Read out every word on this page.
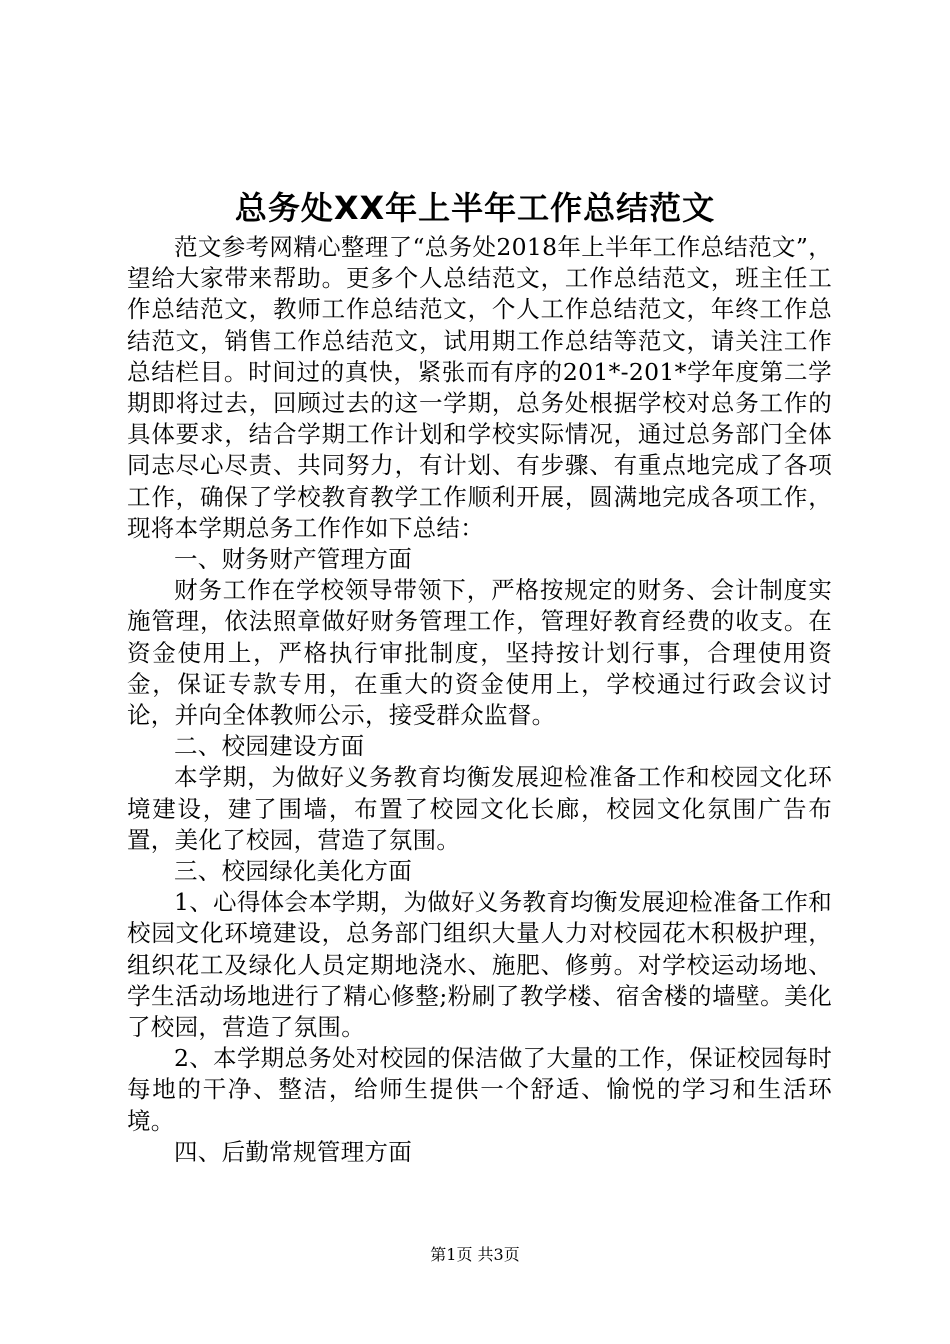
总务处XX年上半年工作总结范文

范文参考网精心整理了“总务处2018年上半年工作总结范文”，望给大家带来帮助。更多个人总结范文，工作总结范文，班主任工作总结范文，教师工作总结范文，个人工作总结范文，年终工作总结范文，销售工作总结范文，试用期工作总结等范文，请关注工作总结栏目。时间过的真快，紧张而有序的201*-201*学年度第二学期即将过去，回顾过去的这一学期，总务处根据学校对总务工作的具体要求，结合学期工作计划和学校实际情况，通过总务部门全体同志尽心尽责、共同努力，有计划、有步骤、有重点地完成了各项工作，确保了学校教育教学工作顺利开展，圆满地完成各项工作，现将本学期总务工作作如下总结：

一、财务财产管理方面

财务工作在学校领导带领下，严格按规定的财务、会计制度实施管理，依法照章做好财务管理工作，管理好教育经费的收支。在资金使用上，严格执行审批制度，坚持按计划行事，合理使用资金，保证专款专用，在重大的资金使用上，学校通过行政会议讨论，并向全体教师公示，接受群众监督。

二、校园建设方面

本学期，为做好义务教育均衡发展迎检准备工作和校园文化环境建设，建了围墙，布置了校园文化长廊，校园文化氛围广告布置，美化了校园，营造了氛围。

三、校园绿化美化方面

1、心得体会本学期，为做好义务教育均衡发展迎检准备工作和校园文化环境建设，总务部门组织大量人力对校园花木积极护理，组织花工及绿化人员定期地浇水、施肥、修剪。对学校运动场地、学生活动场地进行了精心修整;粉刷了教学楼、宿舍楼的墙壁。美化了校园，营造了氛围。

2、本学期总务处对校园的保洁做了大量的工作，保证校园每时每地的干净、整洁，给师生提供一个舒适、愉悦的学习和生活环境。

四、后勤常规管理方面

第1页 共3页
